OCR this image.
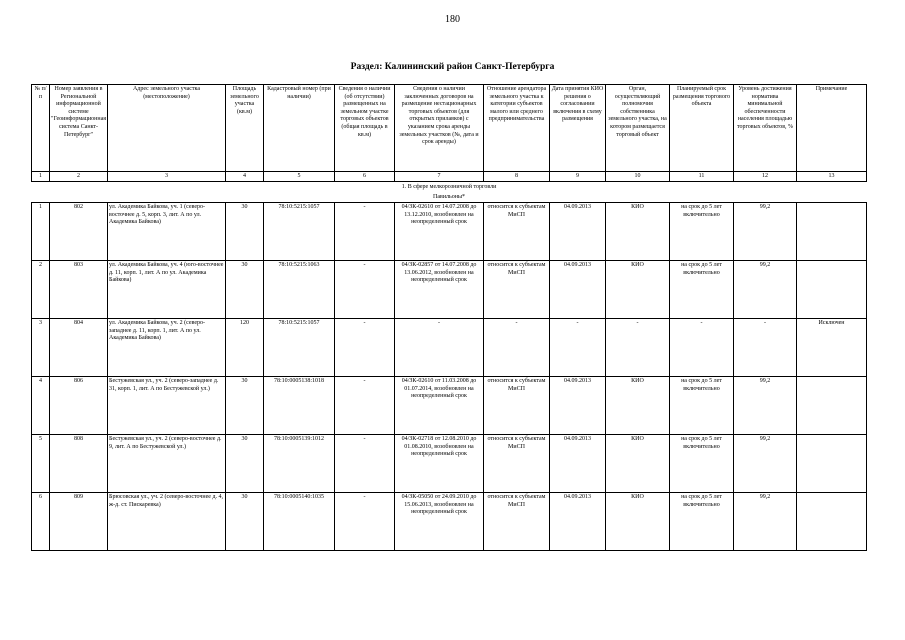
180
Раздел: Калининский район Санкт-Петербурга
№ п/п	Номер заявления в Региональной информационной системе "Геоинформационная система Санкт-Петербург"	Адрес земельного участка (местоположение)	Площадь земельного участка (кв.м)	Кадастровый номер (при наличии)	Сведения о наличии (об отсутствии) размещенных на земельном участке торговых объектов (общая площадь в кв.м)	Сведения о наличии заключенных договоров на размещение нестационарных торговых объектов (для открытых прилавков) с указанием срока аренды земельных участков (№, дата и срок аренды)	Отношение арендатора земельного участка к категории субъектов малого или среднего предпринимательства	Дата принятия КИО решения о согласовании включения в схему размещения	Орган, осуществляющий полномочия собственника земельного участка, на котором размещается торговый объект	Планируемый срок размещения торгового объекта	Уровень достижения норматива минимальной обеспеченности населения площадью торговых объектов, %	Примечание
1	2	3	4	5	6	7	8	9	10	11	12	13
1. В сфере мелкорозничной торговли												
Павильоны*												
1	802	ул. Академика Байкова, уч. 1 (северо-восточнее д. 5, корп. 3, лит. А по ул. Академика Байкова)	30	78:10:5215:1057	-	04/ЗК-02610 от 14.07.2008 до 13.12.2010, возобновлен на неопределенный срок	относится к субъектам МиСП	04.09.2013	КИО	на срок до 5 лет включительно	99,2	
2	803	ул. Академика Байкова, уч. 4 (юго-восточнее д. 11, корп. 1, лит. А по ул. Академика Байкова)	30	78:10:5215:1063	-	04/ЗК-02857 от 14.07.2008 до 13.06.2012, возобновлен на неопределенный срок	относится к субъектам МиСП	04.09.2013	КИО	на срок до 5 лет включительно	99,2	
3	804	ул. Академика Байкова, уч. 2 (северо-западнее д. 11, корп. 1, лит. А по ул. Академика Байкова)	120	78:10:5215:1057	-	-	-	-	-	-	-	Исключен
4	806	Бестужевская ул., уч. 2 (северо-западнее д. 31, корп. 1, лит. А по Бестужевской ул.)	30	78:10:0005138:1018	-	04/ЗК-02610 от 11.03.2008 до 01.07.2014, возобновлен на неопределенный срок	относится к субъектам МиСП	04.09.2013	КИО	на срок до 5 лет включительно	99,2	
5	808	Бестужевская ул., уч. 2 (северо-восточнее д. 9, лит. А по Бестужевской ул.)	30	78:10:0005139:1012	-	04/ЗК-02718 от 12.08.2010 до 01.08.2010, возобновлен на неопределенный срок	относится к субъектам МиСП	04.09.2013	КИО	на срок до 5 лет включительно	99,2	
6	809	Брюсовская ул., уч. 2 (северо-восточнее д. 4, ж-д. ст. Пискаревка)	30	78:10:0005140:1035	-	04/ЗК-05050 от 24.09.2010 до 15.06.2013, возобновлен на неопределенный срок	относится к субъектам МиСП	04.09.2013	КИО	на срок до 5 лет включительно	99,2	
